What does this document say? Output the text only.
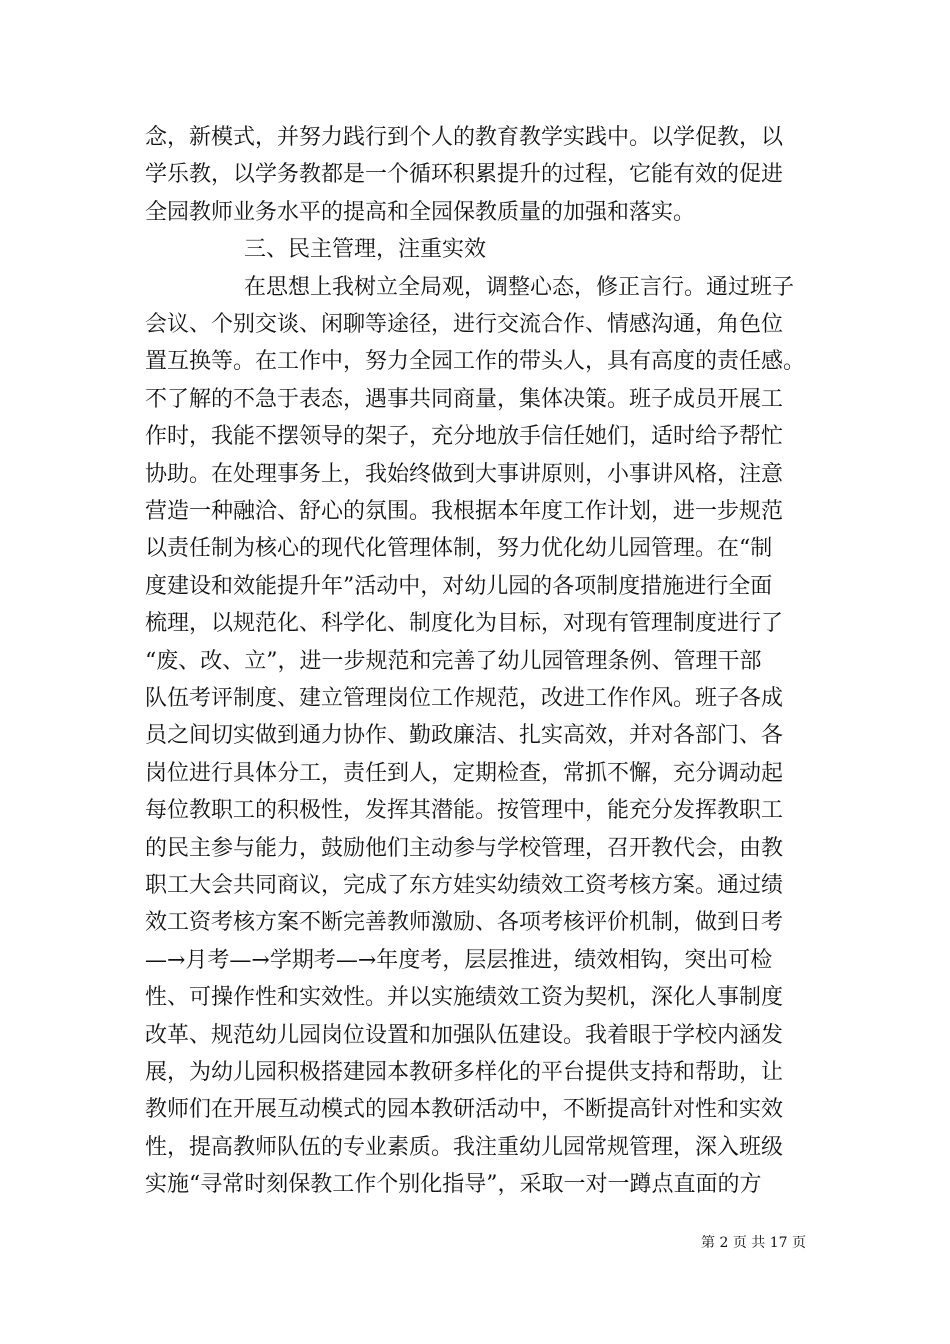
念，新模式，并努力践行到个人的教育教学实践中。以学促教，以
学乐教，以学务教都是一个循环积累提升的过程，它能有效的促进
全园教师业务水平的提高和全园保教质量的加强和落实。
三、民主管理，注重实效
在思想上我树立全局观，调整心态，修正言行。通过班子
会议、个别交谈、闲聊等途径，进行交流合作、情感沟通，角色位
置互换等。在工作中，努力全园工作的带头人，具有高度的责任感。
不了解的不急于表态，遇事共同商量，集体决策。班子成员开展工
作时，我能不摆领导的架子，充分地放手信任她们，适时给予帮忙
协助。在处理事务上，我始终做到大事讲原则，小事讲风格，注意
营造一种融洽、舒心的氛围。我根据本年度工作计划，进一步规范
以责任制为核心的现代化管理体制，努力优化幼儿园管理。在“制
度建设和效能提升年”活动中，对幼儿园的各项制度措施进行全面
梳理，以规范化、科学化、制度化为目标，对现有管理制度进行了
“废、改、立”，进一步规范和完善了幼儿园管理条例、管理干部
队伍考评制度、建立管理岗位工作规范，改进工作作风。班子各成
员之间切实做到通力协作、勤政廉洁、扎实高效，并对各部门、各
岗位进行具体分工，责任到人，定期检查，常抓不懈，充分调动起
每位教职工的积极性，发挥其潜能。按管理中，能充分发挥教职工
的民主参与能力，鼓励他们主动参与学校管理，召开教代会，由教
职工大会共同商议，完成了东方娃实幼绩效工资考核方案。通过绩
效工资考核方案不断完善教师激励、各项考核评价机制，做到日考
—→月考—→学期考—→年度考，层层推进，绩效相钩，突出可检
性、可操作性和实效性。并以实施绩效工资为契机，深化人事制度
改革、规范幼儿园岗位设置和加强队伍建设。我着眼于学校内涵发
展，为幼儿园积极搭建园本教研多样化的平台提供支持和帮助，让
教师们在开展互动模式的园本教研活动中，不断提高针对性和实效
性，提高教师队伍的专业素质。我注重幼儿园常规管理，深入班级
实施“寻常时刻保教工作个别化指导”，采取一对一蹲点直面的方
第 2 页 共 17 页
